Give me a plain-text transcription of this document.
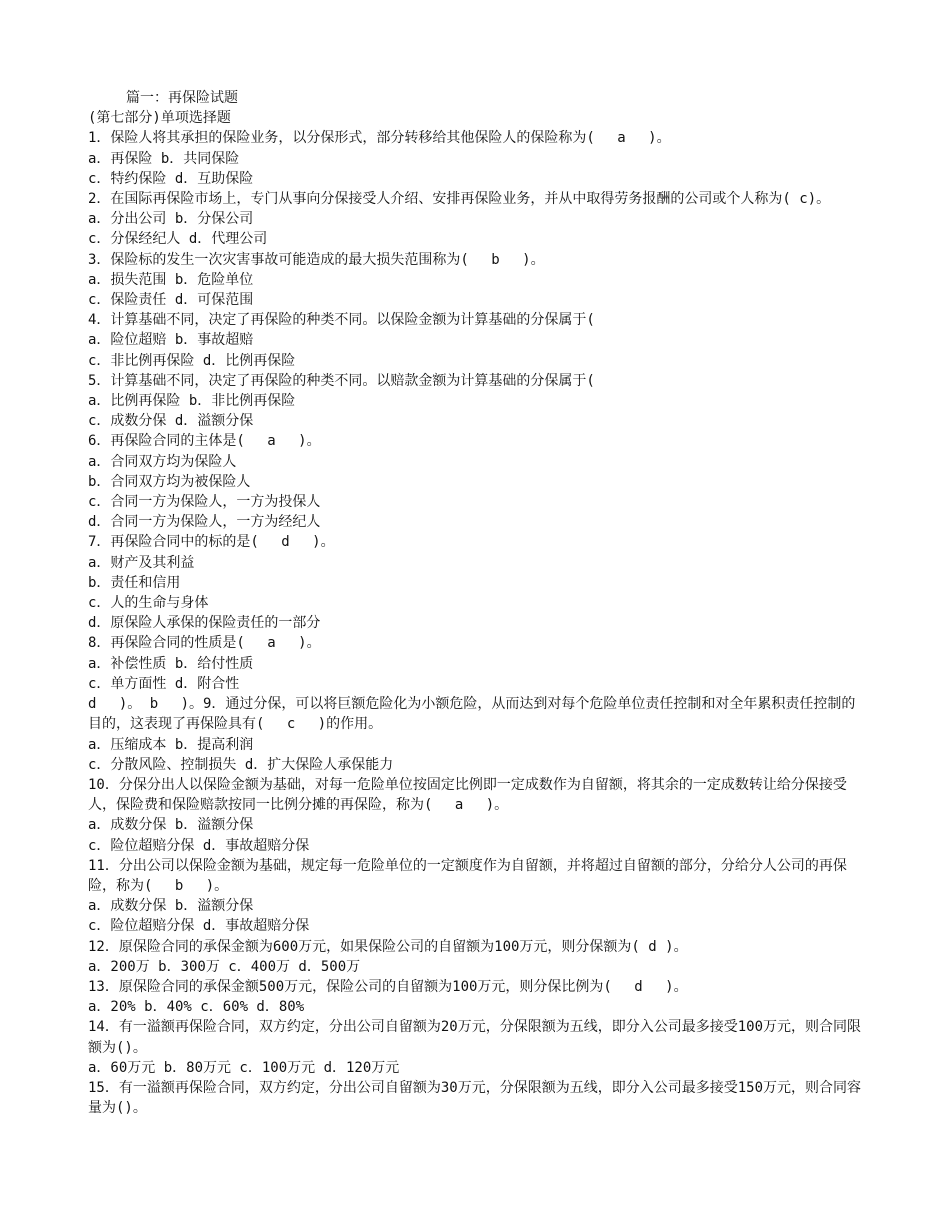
篇一：再保险试题

(第七部分)单项选择题

1．保险人将其承担的保险业务，以分保形式，部分转移给其他保险人的保险称为(　 a　 )。

a．再保险 b．共同保险

c．特约保险 d．互助保险

2．在国际再保险市场上，专门从事向分保接受人介绍、安排再保险业务，并从中取得劳务报酬的公司或个人称为( c)。

a．分出公司 b．分保公司

c．分保经纪人 d．代理公司

3．保险标的发生一次灾害事故可能造成的最大损失范围称为(　 b　 )。

a．损失范围 b．危险单位

c．保险责任 d．可保范围

4．计算基础不同，决定了再保险的种类不同。以保险金额为计算基础的分保属于(

a．险位超赔 b．事故超赔

c．非比例再保险 d．比例再保险

5．计算基础不同，决定了再保险的种类不同。以赔款金额为计算基础的分保属于(

a．比例再保险 b．非比例再保险

c．成数分保 d．溢额分保

6．再保险合同的主体是(　 a　 )。

a．合同双方均为保险人

b．合同双方均为被保险人

c．合同一方为保险人，一方为投保人

d．合同一方为保险人，一方为经纪人

7．再保险合同中的标的是(　 d　 )。

a．财产及其利益

b．责任和信用

c．人的生命与身体

d．原保险人承保的保险责任的一部分

8．再保险合同的性质是(　 a　 )。

a．补偿性质 b．给付性质

c．单方面性 d．附合性

d　 )。 b　 )。9．通过分保，可以将巨额危险化为小额危险，从而达到对每个危险单位责任控制和对全年累积责任控制的目的，这表现了再保险具有(　 c　 )的作用。

a．压缩成本 b．提高利润

c．分散风险、控制损失 d．扩大保险人承保能力

10．分保分出人以保险金额为基础，对每一危险单位按固定比例即一定成数作为自留额，将其余的一定成数转让给分保接受人，保险费和保险赔款按同一比例分摊的再保险，称为(　 a　 )。

a．成数分保 b．溢额分保

c．险位超赔分保 d．事故超赔分保

11．分出公司以保险金额为基础，规定每一危险单位的一定额度作为自留额，并将超过自留额的部分，分给分人公司的再保险，称为(　 b　 )。

a．成数分保 b．溢额分保

c．险位超赔分保 d．事故超赔分保

12．原保险合同的承保金额为600万元，如果保险公司的自留额为100万元，则分保额为( d )。

a．200万 b．300万 c．400万 d．500万

13．原保险合同的承保金额500万元，保险公司的自留额为100万元，则分保比例为(　 d　 )。

a．20% b．40% c．60% d．80%

14．有一溢额再保险合同，双方约定，分出公司自留额为20万元，分保限额为五线，即分入公司最多接受100万元，则合同限额为()。

a．60万元 b．80万元 c．100万元 d．120万元

15．有一溢额再保险合同，双方约定，分出公司自留额为30万元，分保限额为五线，即分入公司最多接受150万元，则合同容量为()。
